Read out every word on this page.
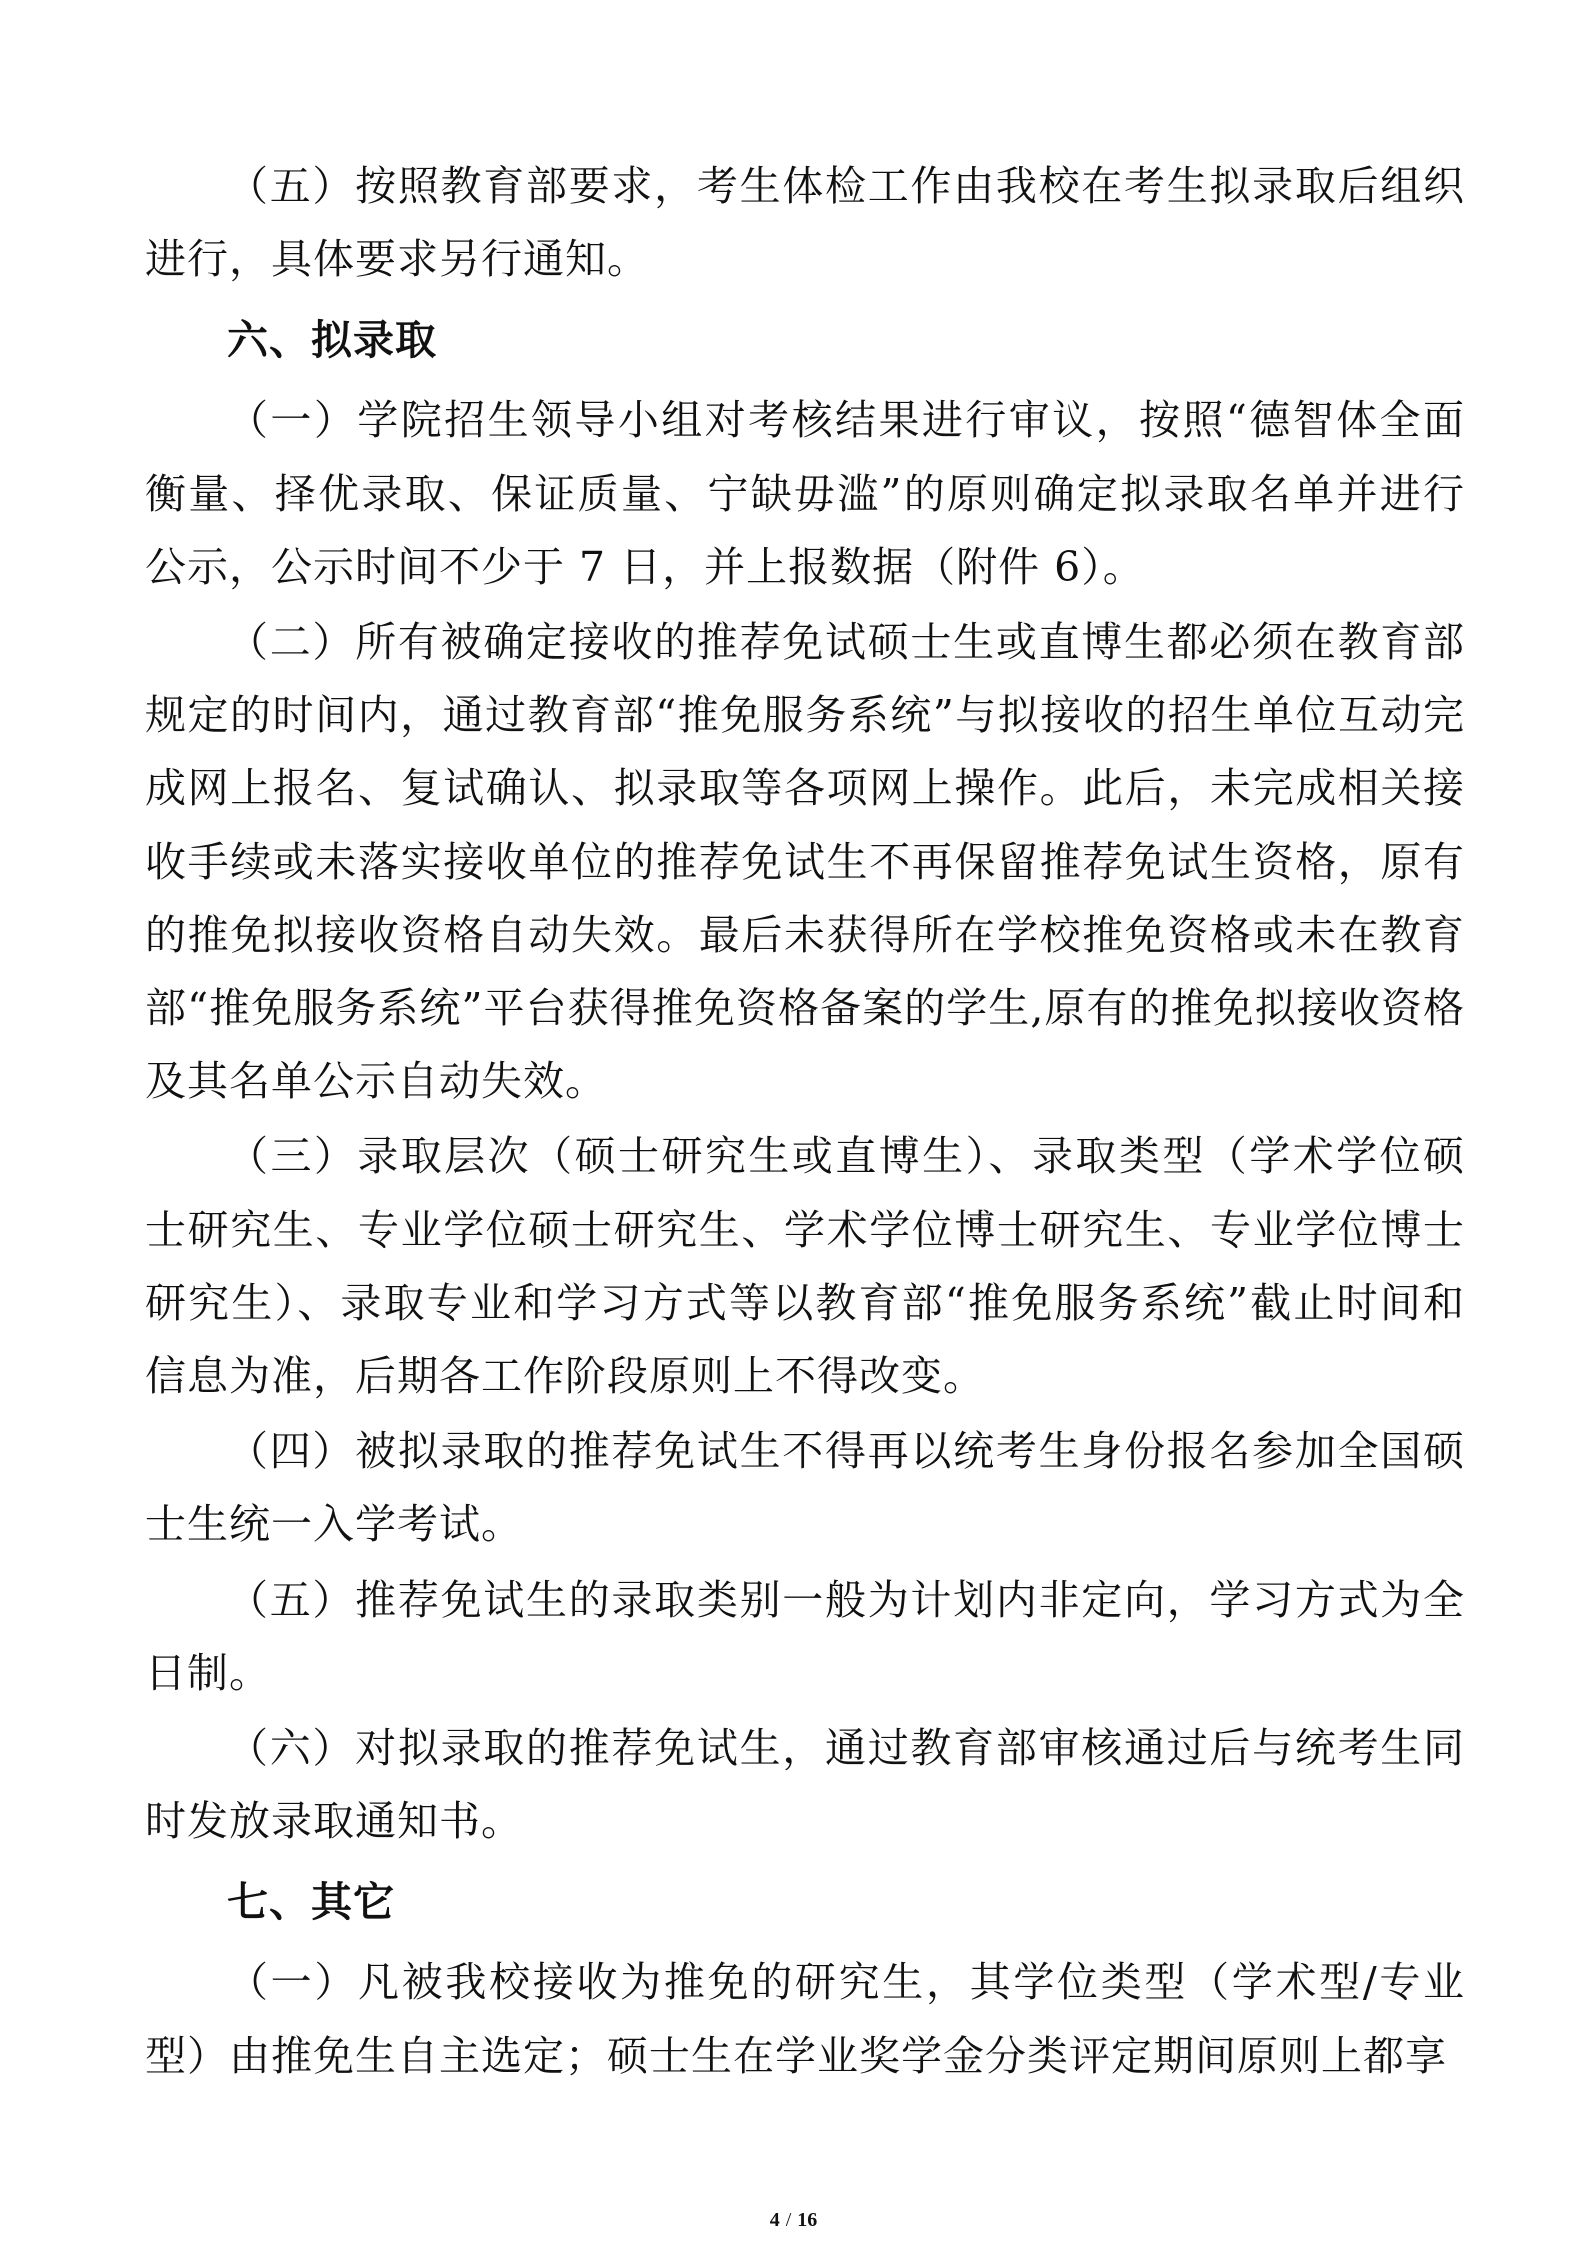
（五）按照教育部要求，考生体检工作由我校在考生拟录取后组织进行，具体要求另行通知。

六、拟录取

（一）学院招生领导小组对考核结果进行审议，按照“德智体全面衡量、择优录取、保证质量、宁缺毋滥”的原则确定拟录取名单并进行公示，公示时间不少于 7 日，并上报数据（附件 6）。

（二）所有被确定接收的推荐免试硕士生或直博生都必须在教育部规定的时间内，通过教育部“推免服务系统”与拟接收的招生单位互动完成网上报名、复试确认、拟录取等各项网上操作。此后，未完成相关接收手续或未落实接收单位的推荐免试生不再保留推荐免试生资格，原有的推免拟接收资格自动失效。最后未获得所在学校推免资格或未在教育部“推免服务系统”平台获得推免资格备案的学生,原有的推免拟接收资格及其名单公示自动失效。

（三）录取层次（硕士研究生或直博生）、录取类型（学术学位硕士研究生、专业学位硕士研究生、学术学位博士研究生、专业学位博士研究生）、录取专业和学习方式等以教育部“推免服务系统”截止时间和信息为准，后期各工作阶段原则上不得改变。

（四）被拟录取的推荐免试生不得再以统考生身份报名参加全国硕士生统一入学考试。

（五）推荐免试生的录取类别一般为计划内非定向，学习方式为全日制。

（六）对拟录取的推荐免试生，通过教育部审核通过后与统考生同时发放录取通知书。

七、其它

（一）凡被我校接收为推免的研究生，其学位类型（学术型/专业型）由推免生自主选定；硕士生在学业奖学金分类评定期间原则上都享

4 / 16
